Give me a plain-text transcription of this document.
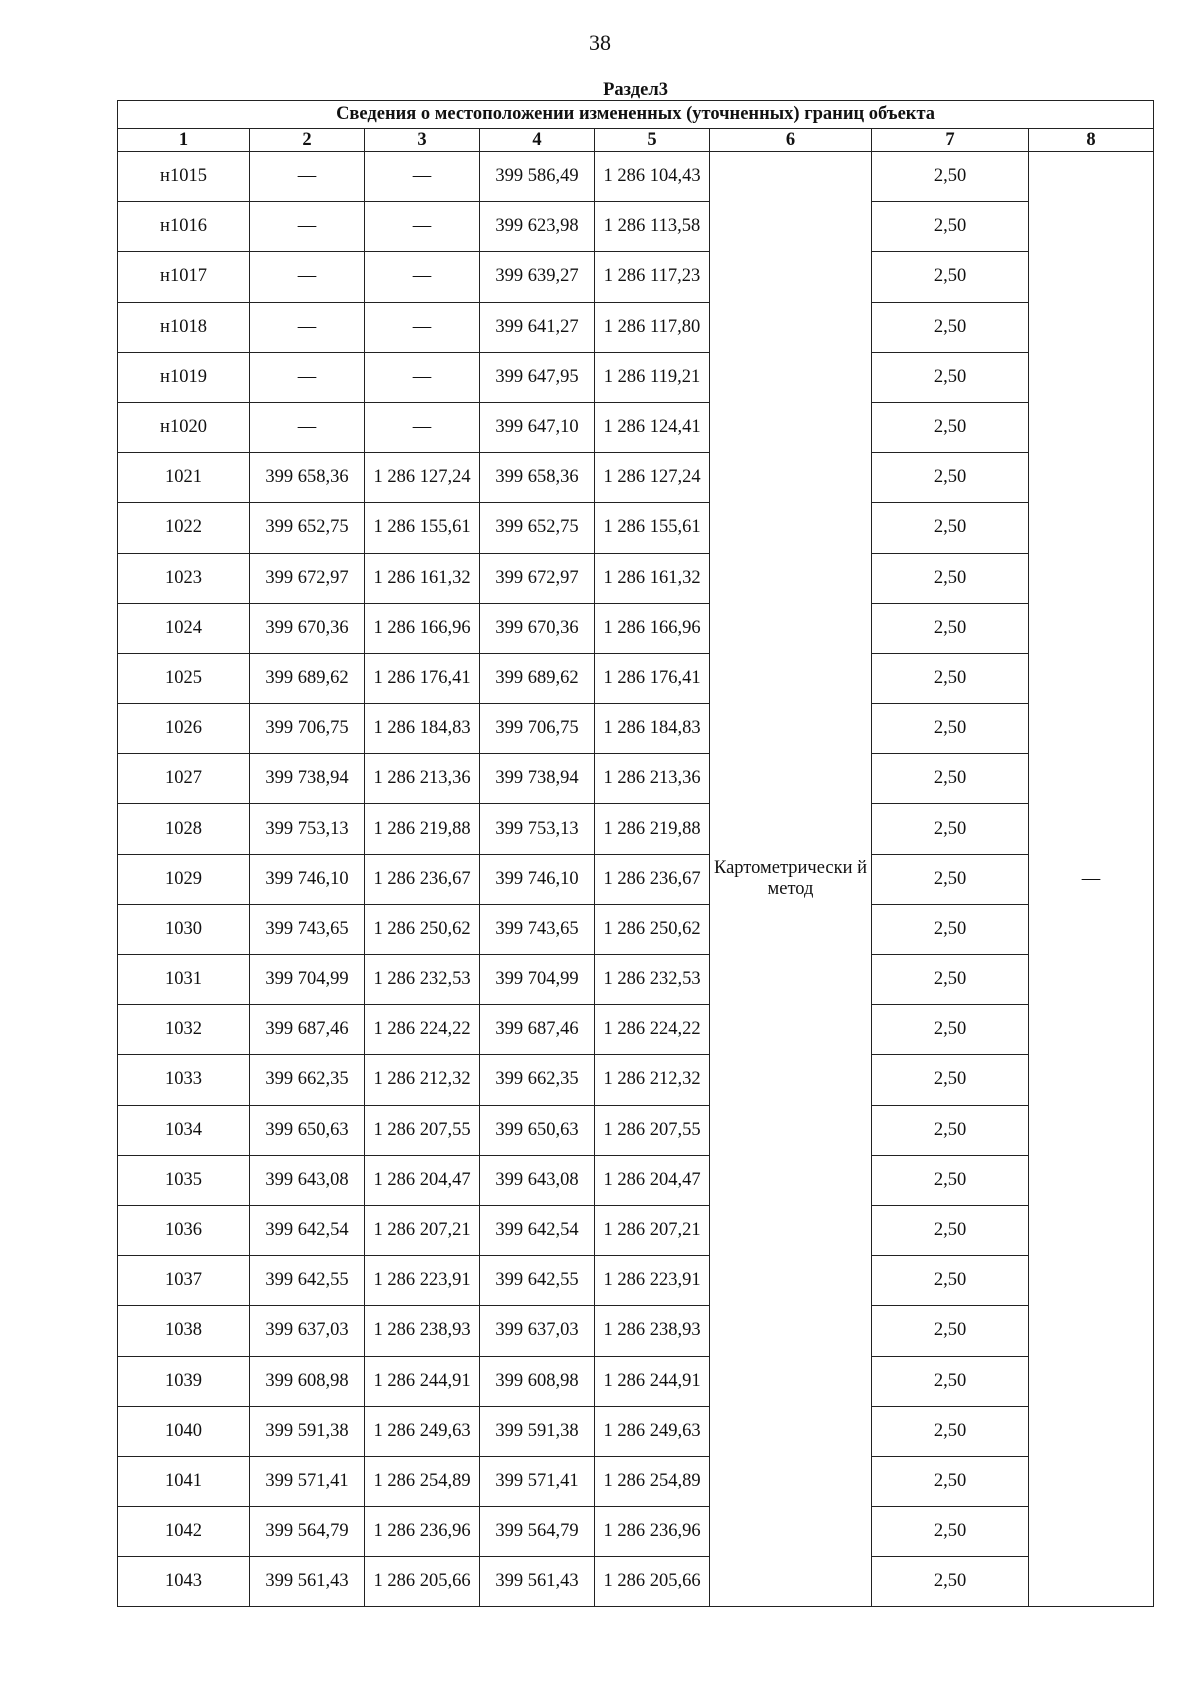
38
Раздел3							
Сведения о местоположении измененных (уточненных) границ объекта							
1	2	3	4	5	6	7	8
н1015	—	—	399 586,49	1 286 104,43	Картометрически й метод	2,50	—
н1016	—	—	399 623,98	1 286 113,58		2,50	
н1017	—	—	399 639,27	1 286 117,23		2,50	
н1018	—	—	399 641,27	1 286 117,80		2,50	
н1019	—	—	399 647,95	1 286 119,21		2,50	
н1020	—	—	399 647,10	1 286 124,41		2,50	
1021	399 658,36	1 286 127,24	399 658,36	1 286 127,24		2,50	
1022	399 652,75	1 286 155,61	399 652,75	1 286 155,61		2,50	
1023	399 672,97	1 286 161,32	399 672,97	1 286 161,32		2,50	
1024	399 670,36	1 286 166,96	399 670,36	1 286 166,96		2,50	
1025	399 689,62	1 286 176,41	399 689,62	1 286 176,41		2,50	
1026	399 706,75	1 286 184,83	399 706,75	1 286 184,83		2,50	
1027	399 738,94	1 286 213,36	399 738,94	1 286 213,36		2,50	
1028	399 753,13	1 286 219,88	399 753,13	1 286 219,88		2,50	
1029	399 746,10	1 286 236,67	399 746,10	1 286 236,67		2,50	
1030	399 743,65	1 286 250,62	399 743,65	1 286 250,62		2,50	
1031	399 704,99	1 286 232,53	399 704,99	1 286 232,53		2,50	
1032	399 687,46	1 286 224,22	399 687,46	1 286 224,22		2,50	
1033	399 662,35	1 286 212,32	399 662,35	1 286 212,32		2,50	
1034	399 650,63	1 286 207,55	399 650,63	1 286 207,55		2,50	
1035	399 643,08	1 286 204,47	399 643,08	1 286 204,47		2,50	
1036	399 642,54	1 286 207,21	399 642,54	1 286 207,21		2,50	
1037	399 642,55	1 286 223,91	399 642,55	1 286 223,91		2,50	
1038	399 637,03	1 286 238,93	399 637,03	1 286 238,93		2,50	
1039	399 608,98	1 286 244,91	399 608,98	1 286 244,91		2,50	
1040	399 591,38	1 286 249,63	399 591,38	1 286 249,63		2,50	
1041	399 571,41	1 286 254,89	399 571,41	1 286 254,89		2,50	
1042	399 564,79	1 286 236,96	399 564,79	1 286 236,96		2,50	
1043	399 561,43	1 286 205,66	399 561,43	1 286 205,66		2,50	
